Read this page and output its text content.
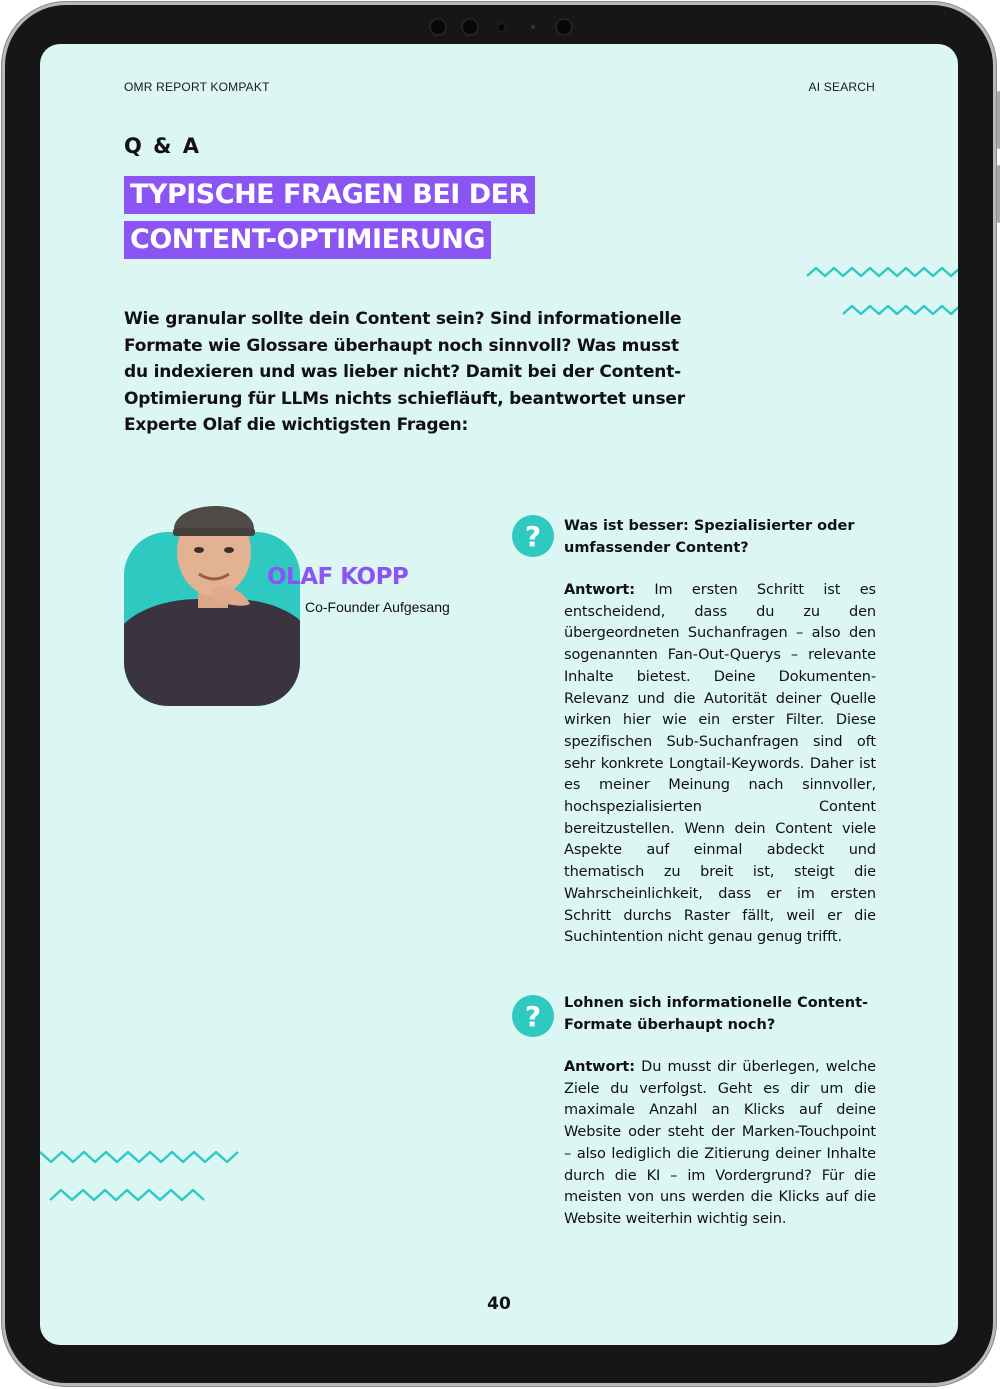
OMR REPORT KOMPAKT	AI SEARCH
Q & A
TYPISCHE FRAGEN BEI DER
CONTENT-OPTIMIERUNG
Wie granular sollte dein Content sein? Sind informationelle Formate wie Glossare überhaupt noch sinnvoll? Was musst du indexieren und was lieber nicht? Damit bei der Content-Optimierung für LLMs nichts schiefläuft, beantwortet unser Experte Olaf die wichtigsten Fragen:
OLAF KOPP
Co-Founder Aufgesang
? Was ist besser: Spezialisierter oder umfassender Content?
Antwort: Im ersten Schritt ist es entscheidend, dass du zu den übergeordneten Suchanfragen – also den sogenannten Fan-Out-Querys – relevante Inhalte bietest. Deine Dokumenten-Relevanz und die Autorität deiner Quelle wirken hier wie ein erster Filter. Diese spezifischen Sub-Suchanfragen sind oft sehr konkrete Longtail-Keywords. Daher ist es meiner Meinung nach sinnvoller, hochspezialisierten Content bereitzustellen. Wenn dein Content viele Aspekte auf einmal abdeckt und thematisch zu breit ist, steigt die Wahrscheinlichkeit, dass er im ersten Schritt durchs Raster fällt, weil er die Suchintention nicht genau genug trifft.
? Lohnen sich informationelle Content-Formate überhaupt noch?
Antwort: Du musst dir überlegen, welche Ziele du verfolgst. Geht es dir um die maximale Anzahl an Klicks auf deine Website oder steht der Marken-Touchpoint – also lediglich die Zitierung deiner Inhalte durch die KI – im Vordergrund? Für die meisten von uns werden die Klicks auf die Website weiterhin wichtig sein.
40
